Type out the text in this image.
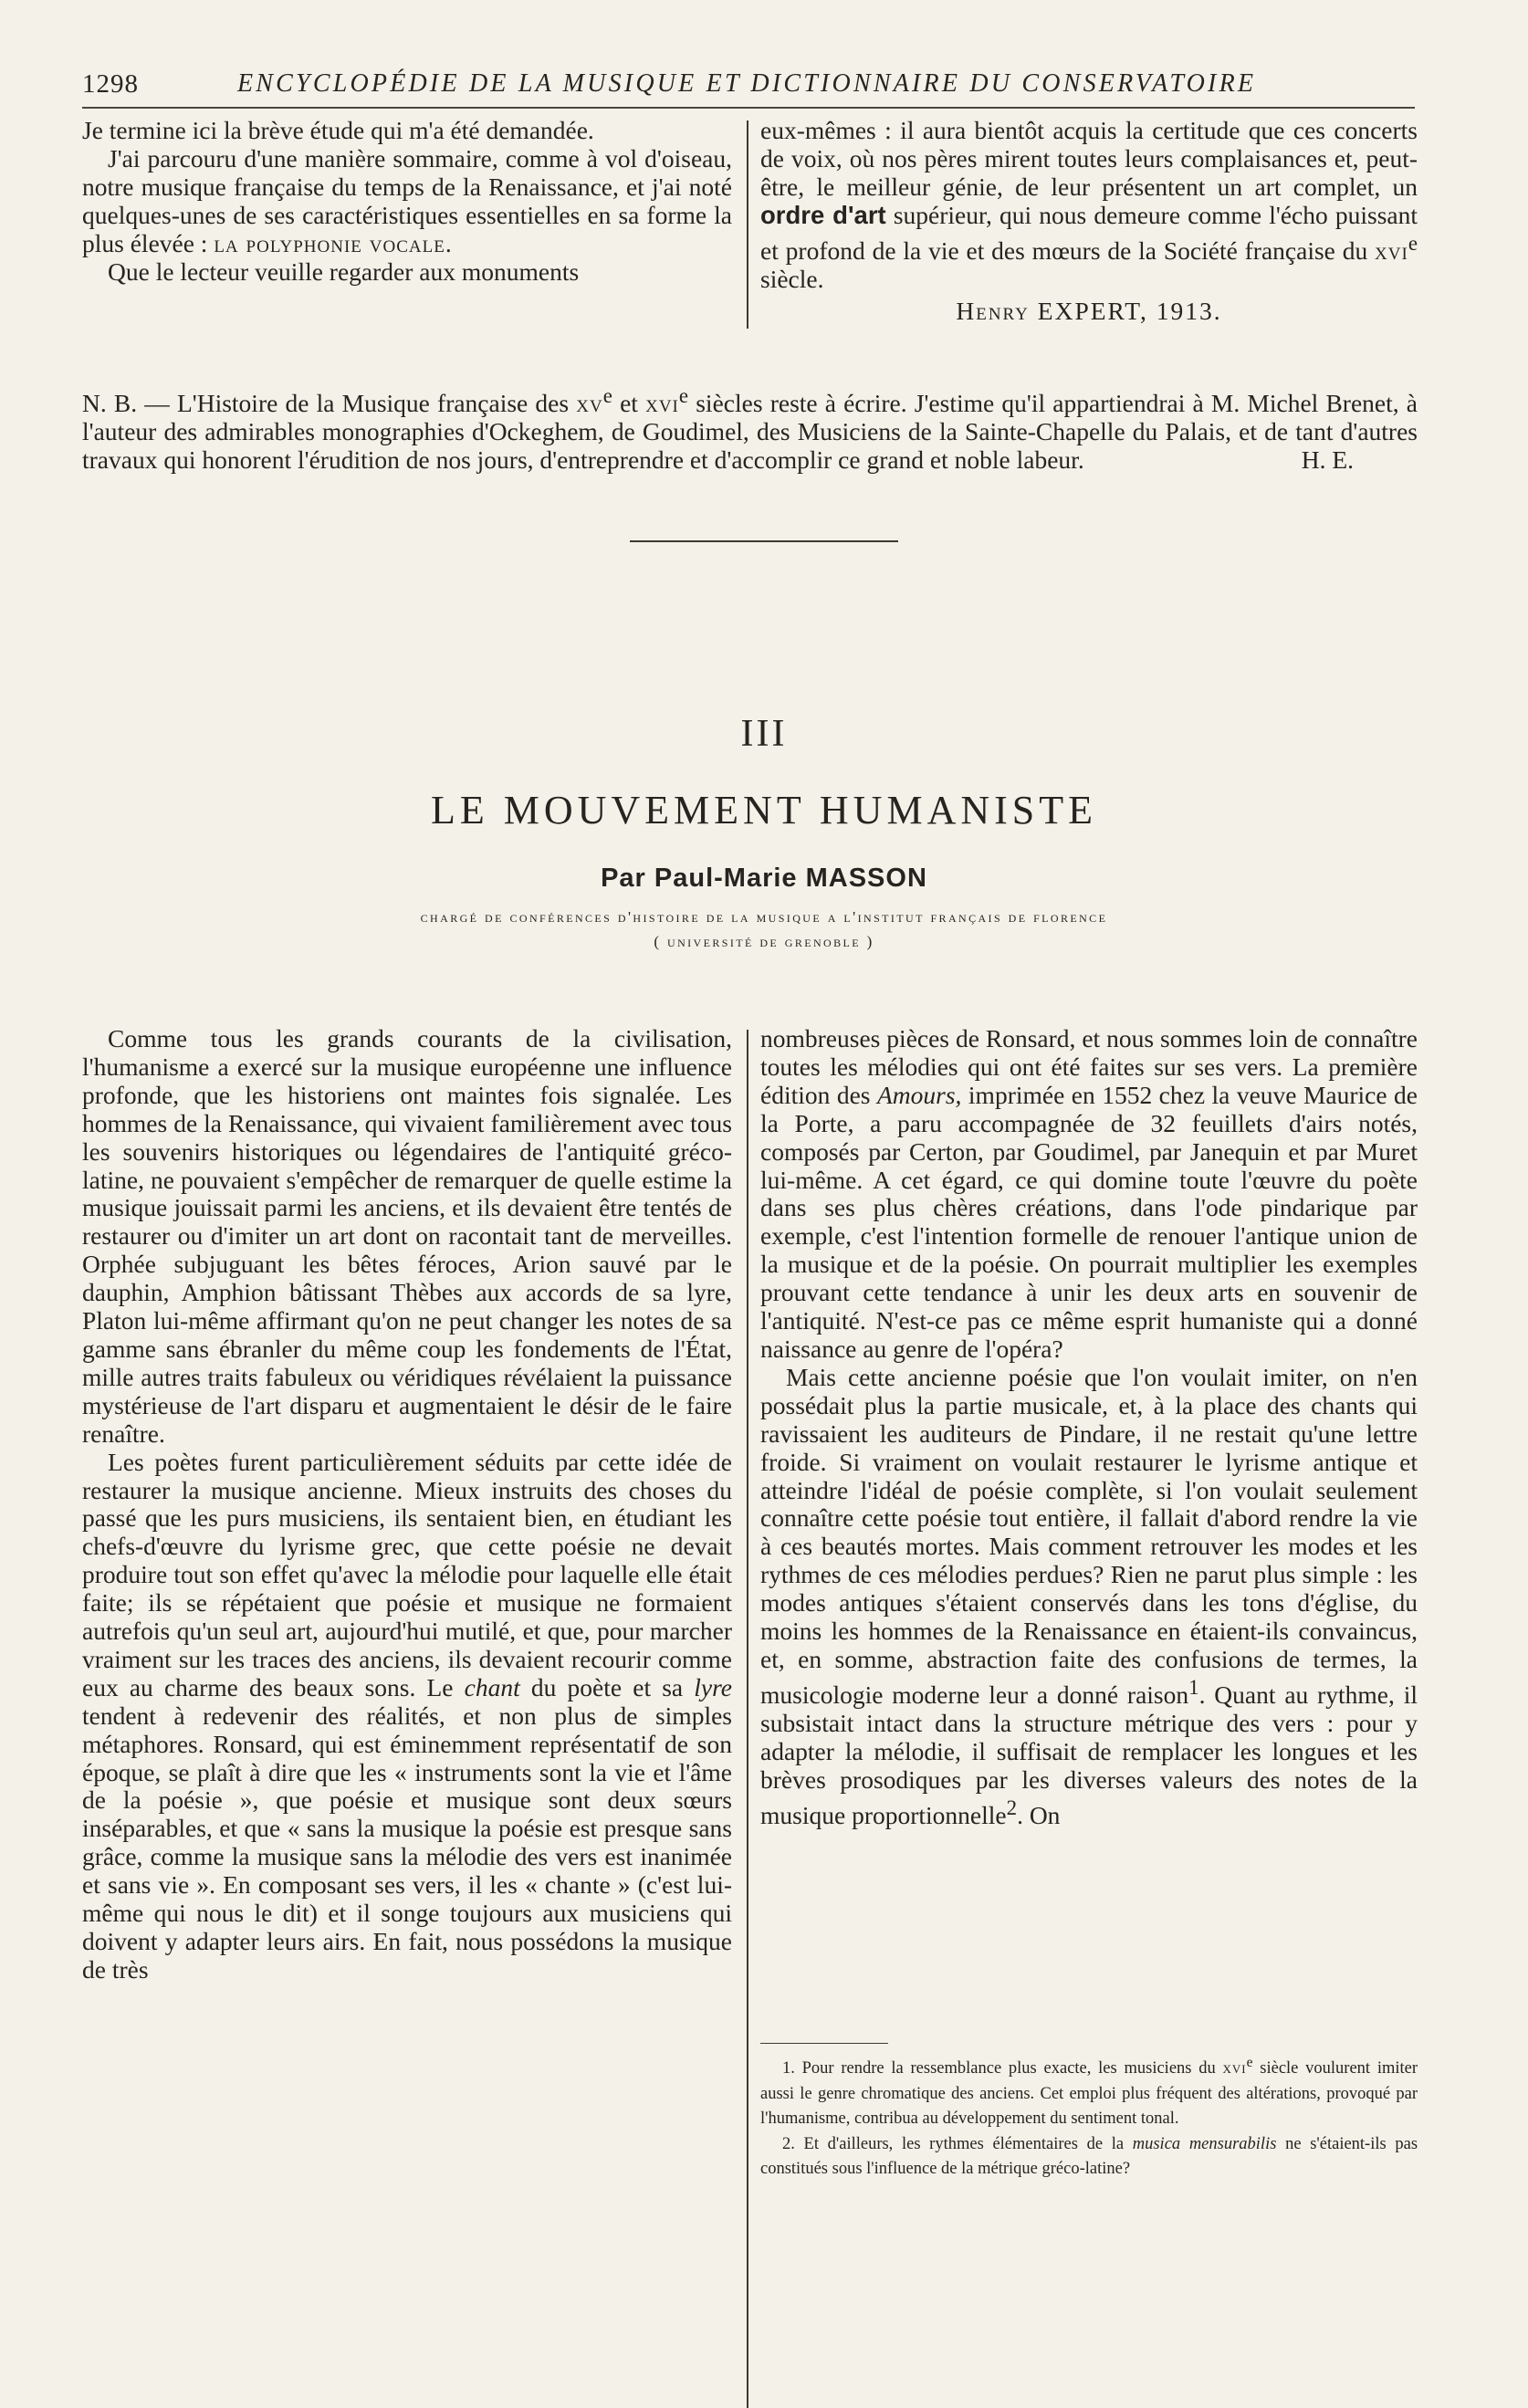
1298	ENCYCLOPÉDIE DE LA MUSIQUE ET DICTIONNAIRE DU CONSERVATOIRE

Je termine ici la brève étude qui m'a été demandée.

J'ai parcouru d'une manière sommaire, comme à vol d'oiseau, notre musique française du temps de la Renaissance, et j'ai noté quelques-unes de ses caractéristiques essentielles en sa forme la plus élevée : la polyphonie vocale.

Que le lecteur veuille regarder aux monuments

eux-mêmes : il aura bientôt acquis la certitude que ces concerts de voix, où nos pères mirent toutes leurs complaisances et, peut-être, le meilleur génie, de leur présentent un art complet, un ordre d'art supérieur, qui nous demeure comme l'écho puissant et profond de la vie et des mœurs de la Société française du xvi$^e$ siècle.

Henry EXPERT, 1913.
N. B. — L'Histoire de la Musique française des $xv^e$ et xvi$^e$ siècles reste à écrire. J'estime qu'il appartiendrai à M. Michel Brenet, à l'auteur des admirables monographies d'Ockeghem, de Goudimel, des Musiciens de la Sainte-Chapelle du Palais, et de tant d'autres travaux qui honorent l'érudition de nos jours, d'entreprendre et d'accomplir ce grand et noble labeur.	H. E.
III
LE MOUVEMENT HUMANISTE
Par Paul-Marie MASSON
chargé de conférences d'histoire de la musique a l'institut français de florence
( université de grenoble )

Comme tous les grands courants de la civilisation, l'humanisme a exercé sur la musique européenne une influence profonde, que les historiens ont maintes fois signalée. Les hommes de la Renaissance, qui vivaient familièrement avec tous les souvenirs historiques ou légendaires de l'antiquité gréco-latine, ne pouvaient s'empêcher de remarquer de quelle estime la musique jouissait parmi les anciens, et ils devaient être tentés de restaurer ou d'imiter un art dont on racontait tant de merveilles. Orphée subjuguant les bêtes féroces, Arion sauvé par le dauphin, Amphion bâtissant Thèbes aux accords de sa lyre, Platon lui-même affirmant qu'on ne peut changer les notes de sa gamme sans ébranler du même coup les fondements de l'État, mille autres traits fabuleux ou véridiques révélaient la puissance mystérieuse de l'art disparu et augmentaient le désir de le faire renaître.

Les poètes furent particulièrement séduits par cette idée de restaurer la musique ancienne. Mieux instruits des choses du passé que les purs musiciens, ils sentaient bien, en étudiant les chefs-d'œuvre du lyrisme grec, que cette poésie ne devait produire tout son effet qu'avec la mélodie pour laquelle elle était faite; ils se répétaient que poésie et musique ne formaient autrefois qu'un seul art, aujourd'hui mutilé, et que, pour marcher vraiment sur les traces des anciens, ils devaient recourir comme eux au charme des beaux sons. Le chant du poète et sa lyre tendent à redevenir des réalités, et non plus de simples métaphores. Ronsard, qui est éminemment représentatif de son époque, se plaît à dire que les « instruments sont la vie et l'âme de la poésie », que poésie et musique sont deux sœurs inséparables, et que « sans la musique la poésie est presque sans grâce, comme la musique sans la mélodie des vers est inanimée et sans vie ». En composant ses vers, il les « chante » (c'est lui-même qui nous le dit) et il songe toujours aux musiciens qui doivent y adapter leurs airs. En fait, nous possédons la musique de très

nombreuses pièces de Ronsard, et nous sommes loin de connaître toutes les mélodies qui ont été faites sur ses vers. La première édition des Amours, imprimée en 1552 chez la veuve Maurice de la Porte, a paru accompagnée de 32 feuillets d'airs notés, composés par Certon, par Goudimel, par Janequin et par Muret lui-même. A cet égard, ce qui domine toute l'œuvre du poète dans ses plus chères créations, dans l'ode pindarique par exemple, c'est l'intention formelle de renouer l'antique union de la musique et de la poésie. On pourrait multiplier les exemples prouvant cette tendance à unir les deux arts en souvenir de l'antiquité. N'est-ce pas ce même esprit humaniste qui a donné naissance au genre de l'opéra?

Mais cette ancienne poésie que l'on voulait imiter, on n'en possédait plus la partie musicale, et, à la place des chants qui ravissaient les auditeurs de Pindare, il ne restait qu'une lettre froide. Si vraiment on voulait restaurer le lyrisme antique et atteindre l'idéal de poésie complète, si l'on voulait seulement connaître cette poésie tout entière, il fallait d'abord rendre la vie à ces beautés mortes. Mais comment retrouver les modes et les rythmes de ces mélodies perdues? Rien ne parut plus simple : les modes antiques s'étaient conservés dans les tons d'église, du moins les hommes de la Renaissance en étaient-ils convaincus, et, en somme, abstraction faite des confusions de termes, la musicologie moderne leur a donné raison$^1$. Quant au rythme, il subsistait intact dans la structure métrique des vers : pour y adapter la mélodie, il suffisait de remplacer les longues et les brèves prosodiques par les diverses valeurs des notes de la musique proportionnelle$^2$. On

1. Pour rendre la ressemblance plus exacte, les musiciens du xvi$^e$ siècle voulurent imiter aussi le genre chromatique des anciens. Cet emploi plus fréquent des altérations, provoqué par l'humanisme, contribua au développement du sentiment tonal.

2. Et d'ailleurs, les rythmes élémentaires de la musica mensurabilis ne s'étaient-ils pas constitués sous l'influence de la métrique gréco-latine?
